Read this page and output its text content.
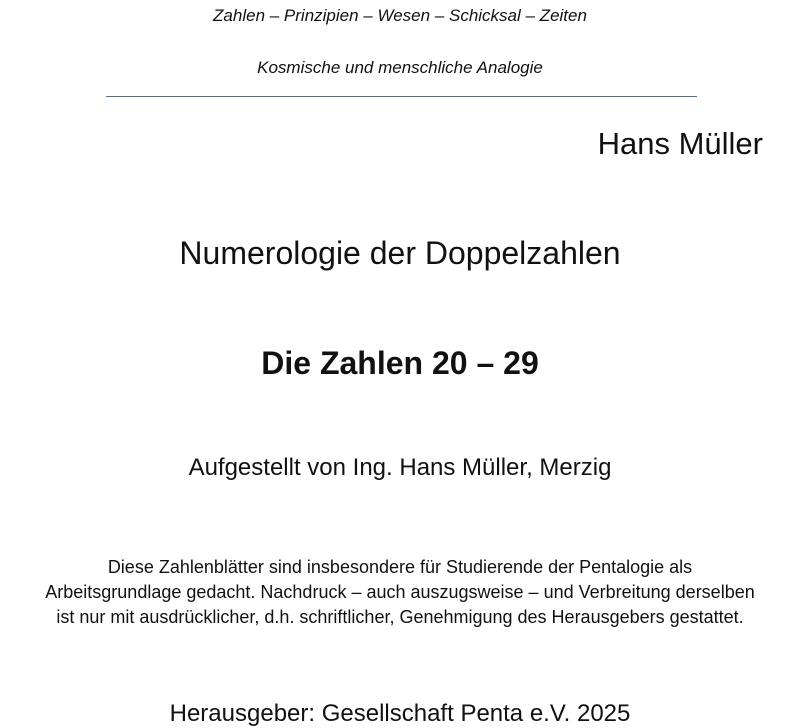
Zahlen – Prinzipien – Wesen – Schicksal – Zeiten
Kosmische und menschliche Analogie
Hans Müller
Numerologie der Doppelzahlen
Die Zahlen 20 – 29
Aufgestellt von Ing. Hans Müller, Merzig
Diese Zahlenblätter sind insbesondere für Studierende der Pentalogie als
Arbeitsgrundlage gedacht. Nachdruck – auch auszugsweise – und Verbreitung derselben
ist nur mit ausdrücklicher, d.h. schriftlicher, Genehmigung des Herausgebers gestattet.
Herausgeber: Gesellschaft Penta e.V. 2025
